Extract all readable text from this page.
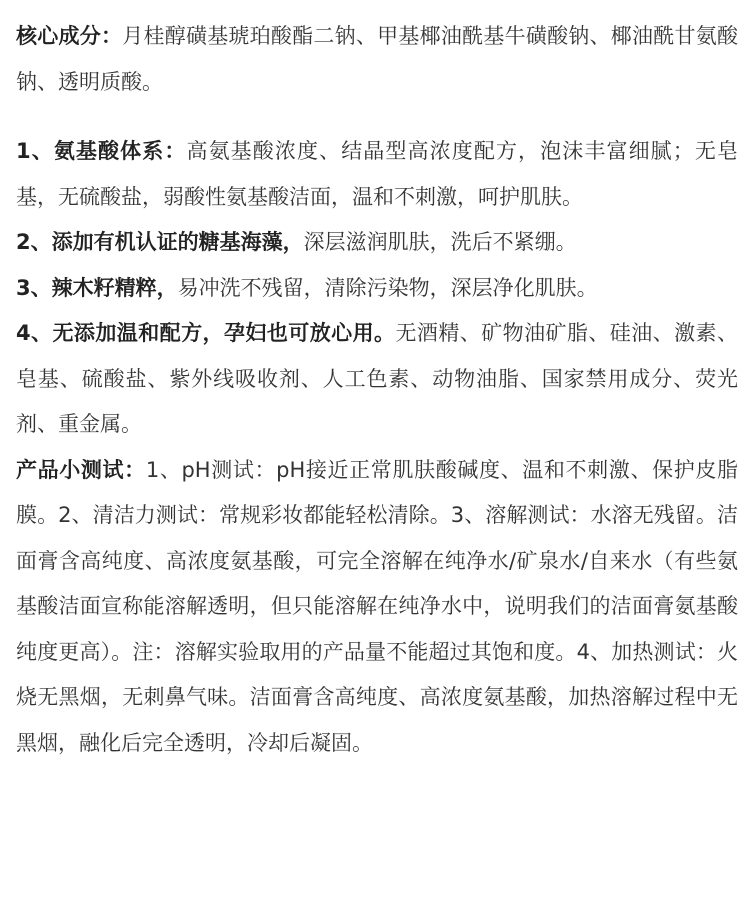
核心成分：月桂醇磺基琥珀酸酯二钠、甲基椰油酰基牛磺酸钠、椰油酰甘氨酸钠、透明质酸。

1、氨基酸体系：高氨基酸浓度、结晶型高浓度配方，泡沫丰富细腻；无皂基，无硫酸盐，弱酸性氨基酸洁面，温和不刺激，呵护肌肤。

2、添加有机认证的糖基海藻，深层滋润肌肤，洗后不紧绷。

3、辣木籽精粹，易冲洗不残留，清除污染物，深层净化肌肤。

4、无添加温和配方，孕妇也可放心用。无酒精、矿物油矿脂、硅油、激素、皂基、硫酸盐、紫外线吸收剂、人工色素、动物油脂、国家禁用成分、荧光剂、重金属。

产品小测试：1、pH测试：pH接近正常肌肤酸碱度、温和不刺激、保护皮脂膜。2、清洁力测试：常规彩妆都能轻松清除。3、溶解测试：水溶无残留。洁面膏含高纯度、高浓度氨基酸，可完全溶解在纯净水/矿泉水/自来水（有些氨基酸洁面宣称能溶解透明，但只能溶解在纯净水中，说明我们的洁面膏氨基酸纯度更高）。注：溶解实验取用的产品量不能超过其饱和度。4、加热测试：火烧无黑烟，无刺鼻气味。洁面膏含高纯度、高浓度氨基酸，加热溶解过程中无黑烟，融化后完全透明，冷却后凝固。
